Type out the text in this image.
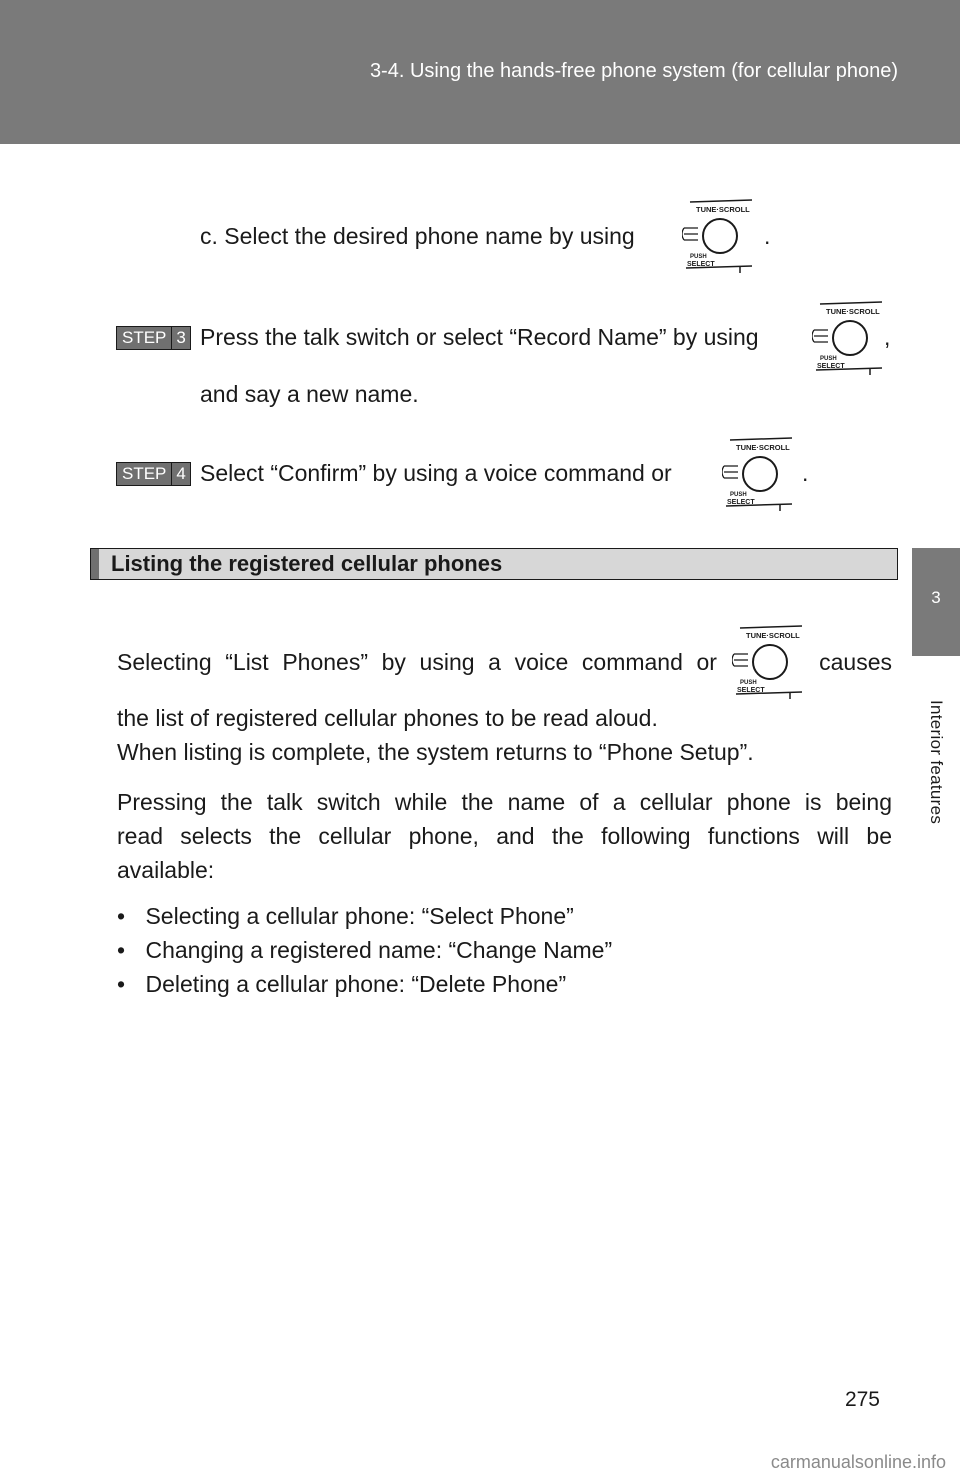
3-4. Using the hands-free phone system (for cellular phone)
3
Interior features
c. Select the desired phone name by using	.
STEP 3 Press the talk switch or select “Record Name” by using	,
and say a new name.
STEP 4 Select “Confirm” by using a voice command or	.
Listing the registered cellular phones
Selecting “List Phones” by using a voice command or	causes
the list of registered cellular phones to be read aloud.
When listing is complete, the system returns to “Phone Setup”.
Pressing the talk switch while the name of a cellular phone is being
read selects the cellular phone, and the following functions will be
available:
• Selecting a cellular phone: “Select Phone”
• Changing a registered name: “Change Name”
• Deleting a cellular phone: “Delete Phone”
275
carmanualsonline.info
